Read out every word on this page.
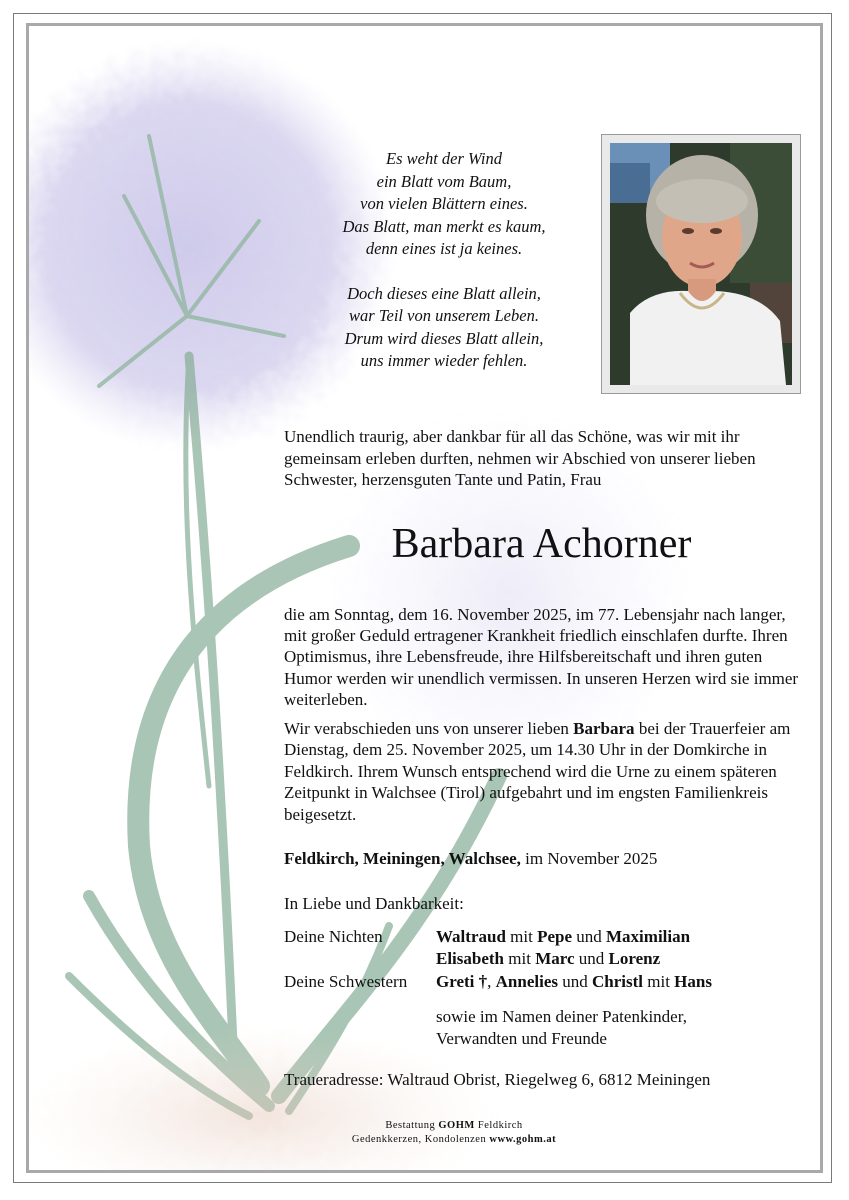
Es weht der Wind
ein Blatt vom Baum,
von vielen Blättern eines.
Das Blatt, man merkt es kaum,
denn eines ist ja keines.

Doch dieses eine Blatt allein,
war Teil von unserem Leben.
Drum wird dieses Blatt allein,
uns immer wieder fehlen.

Unendlich traurig, aber dankbar für all das Schöne, was wir mit ihr gemeinsam erleben durften, nehmen wir Abschied von unserer lieben Schwester, herzensguten Tante und Patin, Frau

Barbara Achorner

die am Sonntag, dem 16. November 2025, im 77. Lebensjahr nach langer, mit großer Geduld ertragener Krankheit friedlich einschlafen durfte. Ihren Optimismus, ihre Lebensfreude, ihre Hilfsbereitschaft und ihren guten Humor werden wir unendlich vermissen. In unseren Herzen wird sie immer weiterleben.

Wir verabschieden uns von unserer lieben Barbara bei der Trauerfeier am Dienstag, dem 25. November 2025, um 14.30 Uhr in der Domkirche in Feldkirch. Ihrem Wunsch entsprechend wird die Urne zu einem späteren Zeitpunkt in Walchsee (Tirol) aufgebahrt und im engsten Familienkreis beigesetzt.

Feldkirch, Meiningen, Walchsee, im November 2025
In Liebe und Dankbarkeit:
Deine Nichten	Waltraud mit Pepe und Maximilian
Elisabeth mit Marc und Lorenz
Deine Schwestern Greti †, Annelies und Christl mit Hans
sowie im Namen deiner Patenkinder,
Verwandten und Freunde
Traueradresse: Waltraud Obrist, Riegelweg 6, 6812 Meiningen
Bestattung GOHM Feldkirch
Gedenkkerzen, Kondolenzen www.gohm.at
